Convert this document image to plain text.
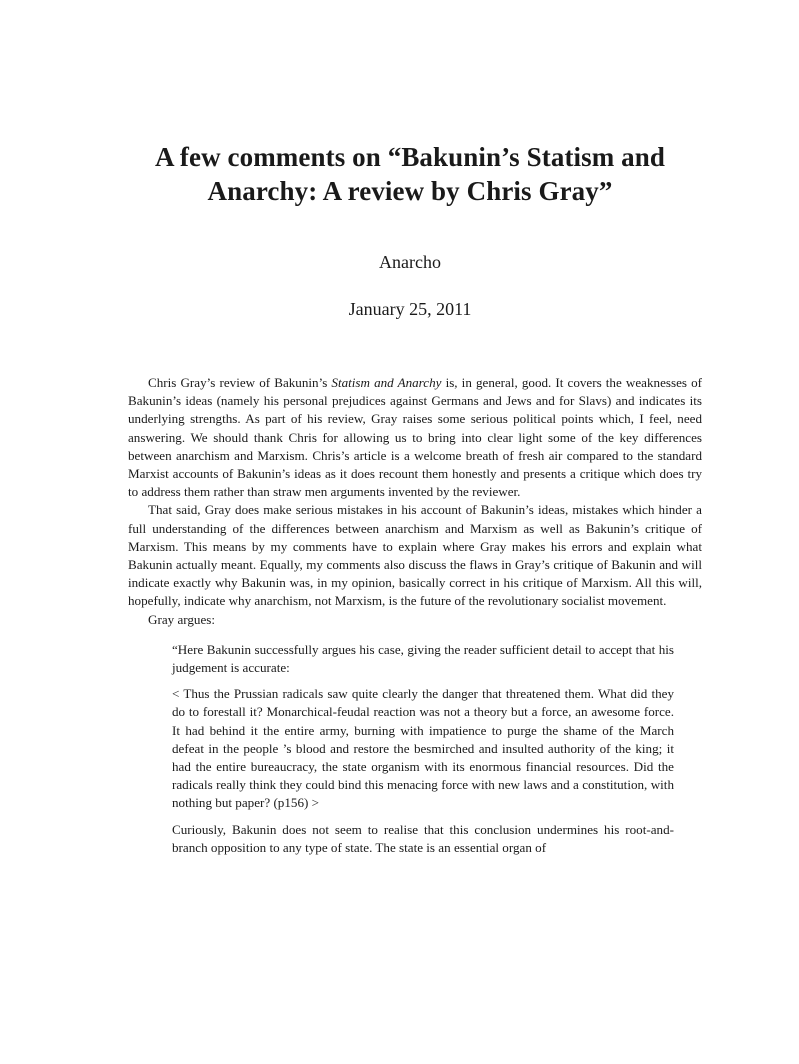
A few comments on “Bakunin’s Statism and
Anarchy: A review by Chris Gray”
Anarcho
January 25, 2011

Chris Gray’s review of Bakunin’s Statism and Anarchy is, in general, good. It covers the weaknesses of Bakunin’s ideas (namely his personal prejudices against Germans and Jews and for Slavs) and indicates its underlying strengths. As part of his review, Gray raises some serious political points which, I feel, need answering. We should thank Chris for allowing us to bring into clear light some of the key differences between anarchism and Marxism. Chris’s article is a welcome breath of fresh air compared to the standard Marxist accounts of Bakunin’s ideas as it does recount them honestly and presents a critique which does try to address them rather than straw men arguments invented by the reviewer.

That said, Gray does make serious mistakes in his account of Bakunin’s ideas, mistakes which hinder a full understanding of the differences between anarchism and Marxism as well as Bakunin’s critique of Marxism. This means by my comments have to explain where Gray makes his errors and explain what Bakunin actually meant. Equally, my comments also discuss the flaws in Gray’s critique of Bakunin and will indicate exactly why Bakunin was, in my opinion, basically correct in his critique of Marxism. All this will, hopefully, indicate why anarchism, not Marxism, is the future of the revolutionary socialist movement.

Gray argues:

“Here Bakunin successfully argues his case, giving the reader sufficient detail to accept that his judgement is accurate:

< Thus the Prussian radicals saw quite clearly the danger that threatened them. What did they do to forestall it? Monarchical-feudal reaction was not a theory but a force, an awesome force. It had behind it the entire army, burning with impatience to purge the shame of the March defeat in the people ’s blood and restore the besmirched and insulted authority of the king; it had the entire bureaucracy, the state organism with its enormous financial resources. Did the radicals really think they could bind this menacing force with new laws and a constitution, with nothing but paper? (p156) >

Curiously, Bakunin does not seem to realise that this conclusion undermines his root-and-branch opposition to any type of state. The state is an essential organ of
